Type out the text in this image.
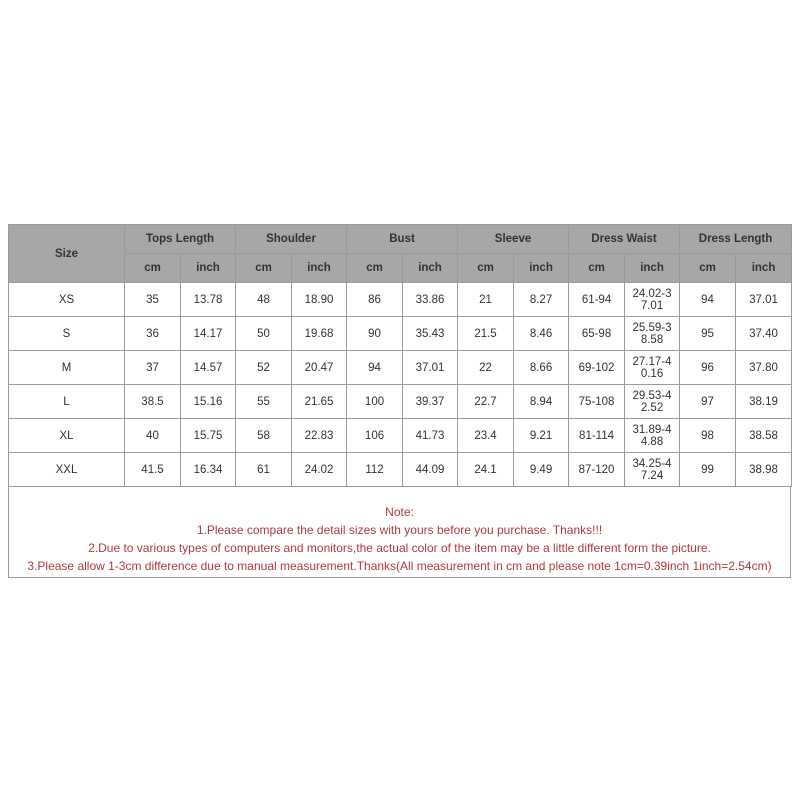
Size	Tops Length		Shoulder		Bust		Sleeve		Dress Waist		Dress Length	
	cm	inch	cm	inch	cm	inch	cm	inch	cm	inch	cm	inch
XS	35	13.78	48	18.90	86	33.86	21	8.27	61-94	24.02-37.01	94	37.01
S	36	14.17	50	19.68	90	35.43	21.5	8.46	65-98	25.59-38.58	95	37.40
M	37	14.57	52	20.47	94	37.01	22	8.66	69-102	27.17-40.16	96	37.80
L	38.5	15.16	55	21.65	100	39.37	22.7	8.94	75-108	29.53-42.52	97	38.19
XL	40	15.75	58	22.83	106	41.73	23.4	9.21	81-114	31.89-44.88	98	38.58
XXL	41.5	16.34	61	24.02	112	44.09	24.1	9.49	87-120	34.25-47.24	99	38.98
Note:
1.Please compare the detail sizes with yours before you purchase. Thanks!!!
2.Due to various types of computers and monitors,the actual color of the item may be a little different form the picture.
3.Please allow 1-3cm difference due to manual measurement.Thanks(All measurement in cm and please note 1cm=0.39inch 1inch=2.54cm)
